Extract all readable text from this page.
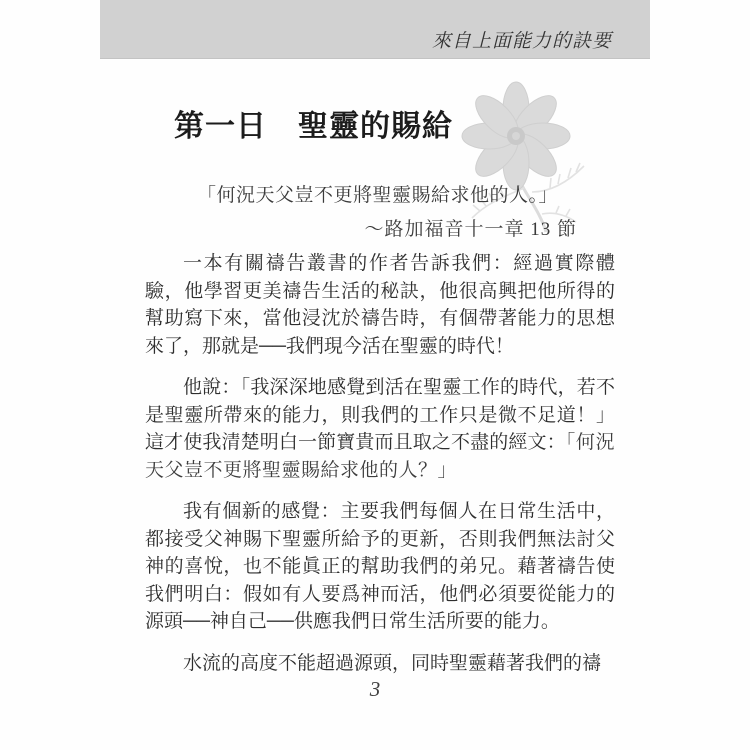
來自上面能力的訣要
第一日　聖靈的賜給
「何況天父豈不更將聖靈賜給求他的人。」
～路加福音十一章 13 節

一本有關禱告叢書的作者告訴我們：經過實際體驗，他學習更美禱告生活的秘訣，他很高興把他所得的幫助寫下來，當他浸沈於禱告時，有個帶著能力的思想來了，那就是──我們現今活在聖靈的時代！

他說：「我深深地感覺到活在聖靈工作的時代，若不是聖靈所帶來的能力，則我們的工作只是微不足道！」這才使我清楚明白一節寶貴而且取之不盡的經文：「何況天父豈不更將聖靈賜給求他的人？」

我有個新的感覺：主要我們每個人在日常生活中，都接受父神賜下聖靈所給予的更新，否則我們無法討父神的喜悅，也不能眞正的幫助我們的弟兄。藉著禱告使我們明白：假如有人要爲神而活，他們必須要從能力的源頭──神自己──供應我們日常生活所要的能力。

水流的高度不能超過源頭，同時聖靈藉著我們的禱

3
